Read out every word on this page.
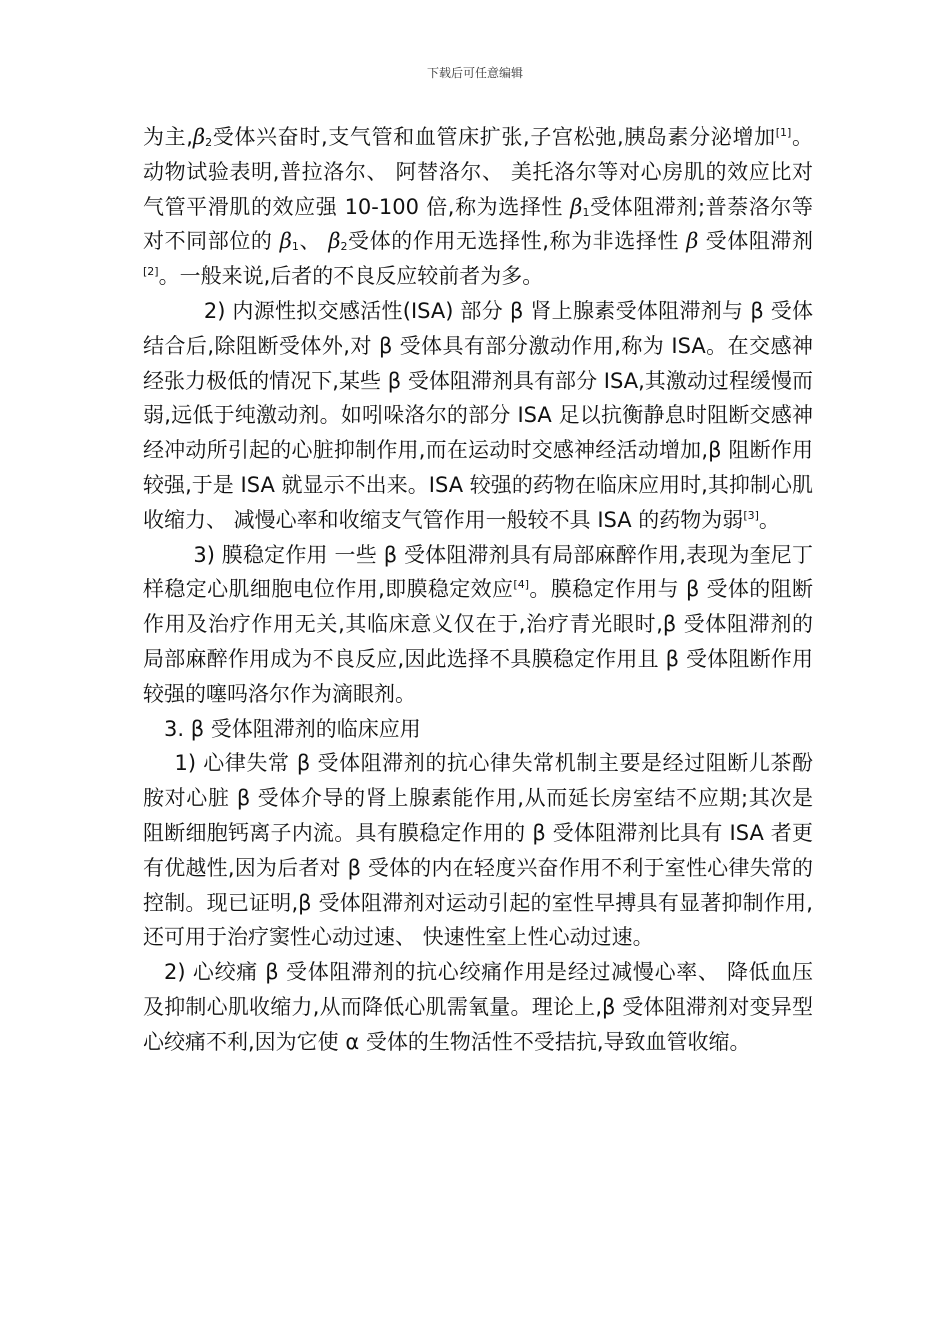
下载后可任意编辑

为主$,\beta_2$受体兴奋时,支气管和血管床扩张,子宫松弛,胰岛素分泌增加[1]。动物试验表明,普拉洛尔、 阿替洛尔、 美托洛尔等对心房肌的效应比对气管平滑肌的效应强 10-100 倍,称为选择性 $\beta_1$受体阻滞剂;普萘洛尔等对不同部位的 $\beta_1$、 $\beta_2$受体的作用无选择性,称为非选择性 β 受体阻滞剂[2]。一般来说,后者的不良反应较前者为多。

2) 内源性拟交感活性(ISA) 部分 β 肾上腺素受体阻滞剂与 β 受体结合后,除阻断受体外,对 β 受体具有部分激动作用,称为 ISA。在交感神经张力极低的情况下,某些 β 受体阻滞剂具有部分 ISA,其激动过程缓慢而弱,远低于纯激动剂。如吲哚洛尔的部分 ISA 足以抗衡静息时阻断交感神经冲动所引起的心脏抑制作用,而在运动时交感神经活动增加,β 阻断作用较强,于是 ISA 就显示不出来。ISA 较强的药物在临床应用时,其抑制心肌收缩力、 减慢心率和收缩支气管作用一般较不具 ISA 的药物为弱[3]。

3) 膜稳定作用 一些 β 受体阻滞剂具有局部麻醉作用,表现为奎尼丁样稳定心肌细胞电位作用,即膜稳定效应[4]。膜稳定作用与 β 受体的阻断作用及治疗作用无关,其临床意义仅在于,治疗青光眼时,β 受体阻滞剂的局部麻醉作用成为不良反应,因此选择不具膜稳定作用且 β 受体阻断作用较强的噻吗洛尔作为滴眼剂。

3. β 受体阻滞剂的临床应用

1) 心律失常 β 受体阻滞剂的抗心律失常机制主要是经过阻断儿茶酚胺对心脏 β 受体介导的肾上腺素能作用,从而延长房室结不应期;其次是阻断细胞钙离子内流。具有膜稳定作用的 β 受体阻滞剂比具有 ISA 者更有优越性,因为后者对 β 受体的内在轻度兴奋作用不利于室性心律失常的控制。现已证明,β 受体阻滞剂对运动引起的室性早搏具有显著抑制作用,还可用于治疗窦性心动过速、 快速性室上性心动过速。

2) 心绞痛 β 受体阻滞剂的抗心绞痛作用是经过减慢心率、 降低血压及抑制心肌收缩力,从而降低心肌需氧量。理论上,β 受体阻滞剂对变异型心绞痛不利,因为它使 α 受体的生物活性不受拮抗,导致血管收缩。
